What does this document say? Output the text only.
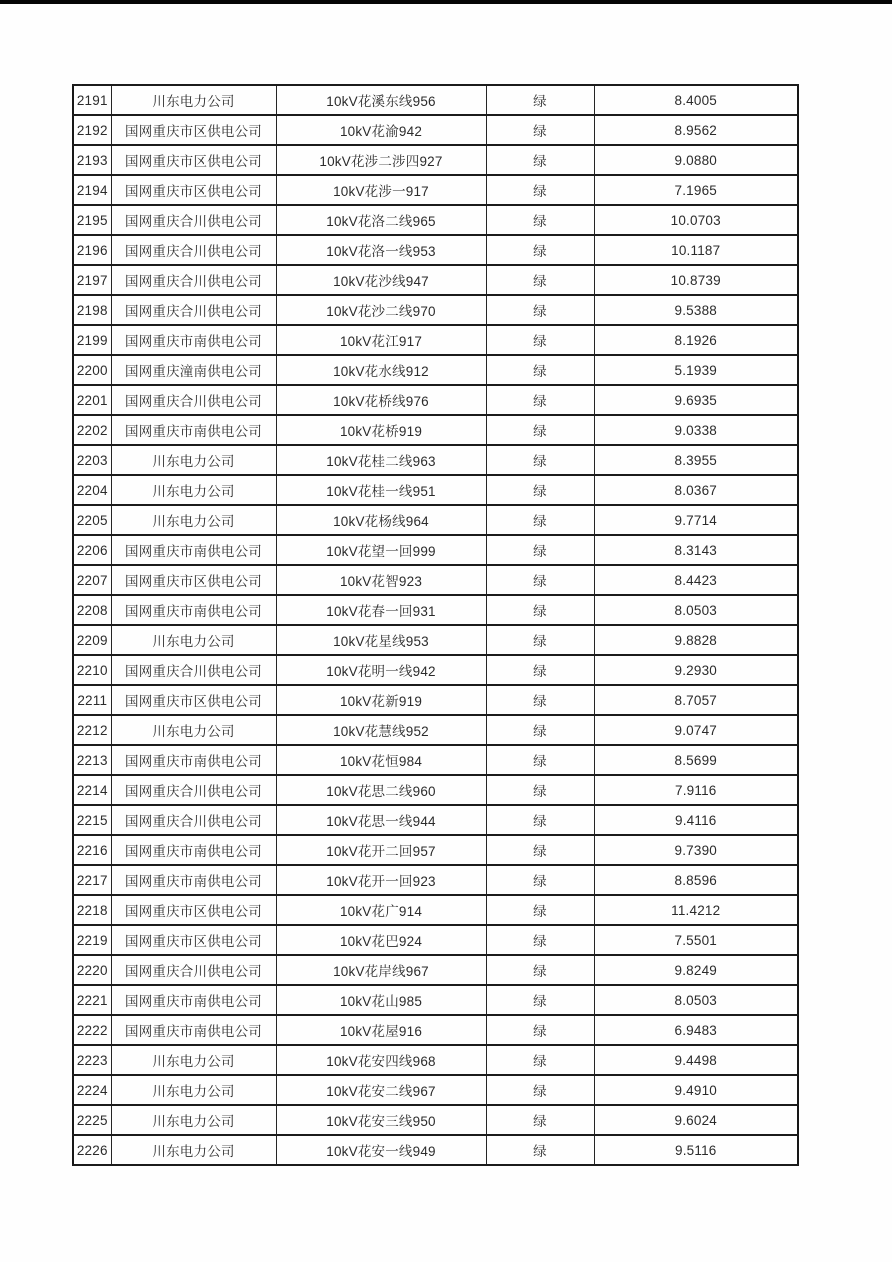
2191	川东电力公司	10kV花溪东线956	绿	8.4005
2192	国网重庆市区供电公司	10kV花渝942	绿	8.9562
2193	国网重庆市区供电公司	10kV花涉二涉四927	绿	9.0880
2194	国网重庆市区供电公司	10kV花涉一917	绿	7.1965
2195	国网重庆合川供电公司	10kV花洛二线965	绿	10.0703
2196	国网重庆合川供电公司	10kV花洛一线953	绿	10.1187
2197	国网重庆合川供电公司	10kV花沙线947	绿	10.8739
2198	国网重庆合川供电公司	10kV花沙二线970	绿	9.5388
2199	国网重庆市南供电公司	10kV花江917	绿	8.1926
2200	国网重庆潼南供电公司	10kV花水线912	绿	5.1939
2201	国网重庆合川供电公司	10kV花桥线976	绿	9.6935
2202	国网重庆市南供电公司	10kV花桥919	绿	9.0338
2203	川东电力公司	10kV花桂二线963	绿	8.3955
2204	川东电力公司	10kV花桂一线951	绿	8.0367
2205	川东电力公司	10kV花杨线964	绿	9.7714
2206	国网重庆市南供电公司	10kV花望一回999	绿	8.3143
2207	国网重庆市区供电公司	10kV花智923	绿	8.4423
2208	国网重庆市南供电公司	10kV花春一回931	绿	8.0503
2209	川东电力公司	10kV花星线953	绿	9.8828
2210	国网重庆合川供电公司	10kV花明一线942	绿	9.2930
2211	国网重庆市区供电公司	10kV花新919	绿	8.7057
2212	川东电力公司	10kV花慧线952	绿	9.0747
2213	国网重庆市南供电公司	10kV花恒984	绿	8.5699
2214	国网重庆合川供电公司	10kV花思二线960	绿	7.9116
2215	国网重庆合川供电公司	10kV花思一线944	绿	9.4116
2216	国网重庆市南供电公司	10kV花开二回957	绿	9.7390
2217	国网重庆市南供电公司	10kV花开一回923	绿	8.8596
2218	国网重庆市区供电公司	10kV花广914	绿	11.4212
2219	国网重庆市区供电公司	10kV花巴924	绿	7.5501
2220	国网重庆合川供电公司	10kV花岸线967	绿	9.8249
2221	国网重庆市南供电公司	10kV花山985	绿	8.0503
2222	国网重庆市南供电公司	10kV花屋916	绿	6.9483
2223	川东电力公司	10kV花安四线968	绿	9.4498
2224	川东电力公司	10kV花安二线967	绿	9.4910
2225	川东电力公司	10kV花安三线950	绿	9.6024
2226	川东电力公司	10kV花安一线949	绿	9.5116
